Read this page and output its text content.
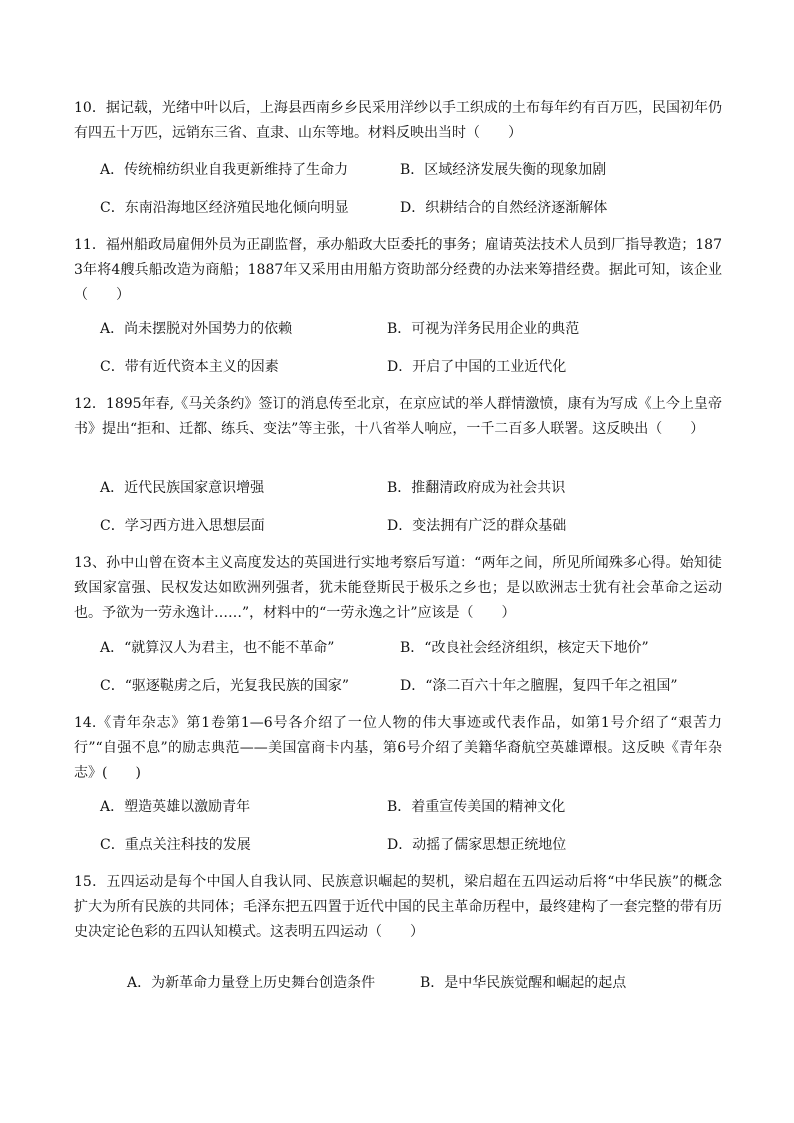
10．据记载，光绪中叶以后，上海县西南乡乡民采用洋纱以手工织成的土布每年约有百万匹，民国初年仍有四五十万匹，远销东三省、直隶、山东等地。材料反映出当时（　　）
A．传统棉纺织业自我更新维持了生命力	B．区域经济发展失衡的现象加剧
C．东南沿海地区经济殖民地化倾向明显	D．织耕结合的自然经济逐渐解体
11．福州船政局雇佣外员为正副监督，承办船政大臣委托的事务；雇请英法技术人员到厂指导教造；1873年将4艘兵船改造为商船；1887年又采用由用船方资助部分经费的办法来筹措经费。据此可知，该企业（　　）
A．尚未摆脱对外国势力的依赖	B．可视为洋务民用企业的典范
C．带有近代资本主义的因素	D．开启了中国的工业近代化
12．1895年春,《马关条约》签订的消息传至北京，在京应试的举人群情激愤，康有为写成《上今上皇帝书》提出“拒和、迁都、练兵、变法”等主张，十八省举人响应，一千二百多人联署。这反映出（　　）
A．近代民族国家意识增强	B．推翻清政府成为社会共识
C．学习西方进入思想层面	D．变法拥有广泛的群众基础
13、孙中山曾在资本主义高度发达的英国进行实地考察后写道：“两年之间，所见所闻殊多心得。始知徒致国家富强、民权发达如欧洲列强者，犹未能登斯民于极乐之乡也；是以欧洲志士犹有社会革命之运动也。予欲为一劳永逸计……”，材料中的“一劳永逸之计”应该是（　　）
A．“就算汉人为君主，也不能不革命”	B．“改良社会经济组织，核定天下地价”
C．“驱逐鞑虏之后，光复我民族的国家”	D．“涤二百六十年之膻腥，复四千年之祖国”
14.《青年杂志》第1卷第1—6号各介绍了一位人物的伟大事迹或代表作品，如第1号介绍了“艰苦力行”“自强不息”的励志典范——美国富商卡内基，第6号介绍了美籍华裔航空英雄谭根。这反映《青年杂志》(　　)
A．塑造英雄以激励青年	B．着重宣传美国的精神文化
C．重点关注科技的发展	D．动摇了儒家思想正统地位
15．五四运动是每个中国人自我认同、民族意识崛起的契机，梁启超在五四运动后将“中华民族”的概念扩大为所有民族的共同体；毛泽东把五四置于近代中国的民主革命历程中，最终建构了一套完整的带有历史决定论色彩的五四认知模式。这表明五四运动（　　）
A．为新革命力量登上历史舞台创造条件	B．是中华民族觉醒和崛起的起点
